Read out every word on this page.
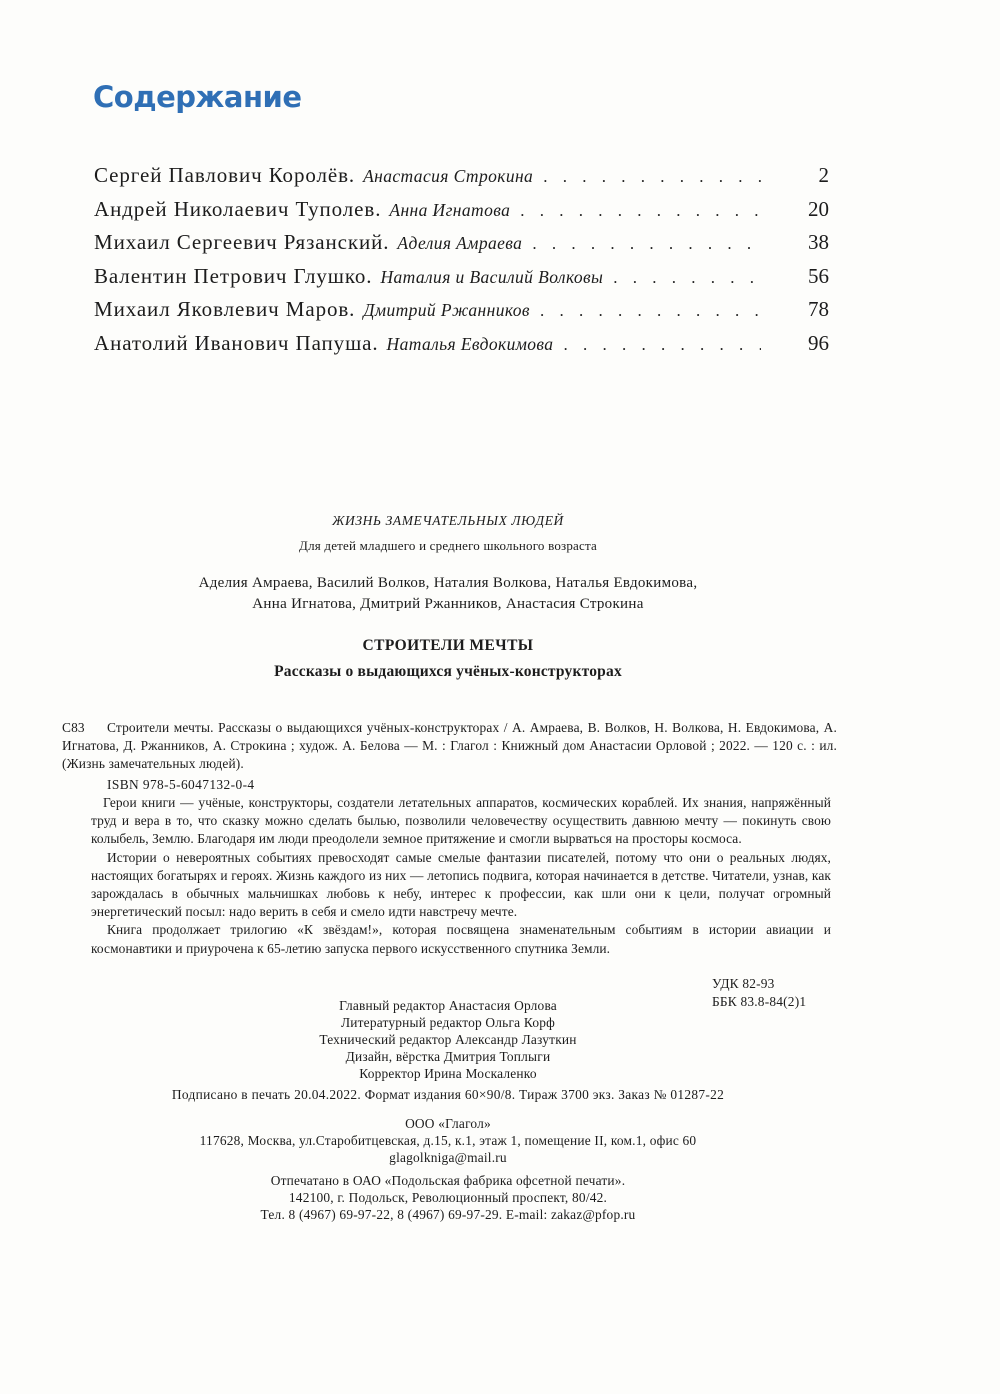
Содержание
Сергей Павлович Королёв. Анастасия Строкина . . .	2
Андрей Николаевич Туполев. Анна Игнатова . . .	20
Михаил Сергеевич Рязанский. Аделия Амраева . . .	38
Валентин Петрович Глушко. Наталия и Василий Волковы . . .	56
Михаил Яковлевич Маров. Дмитрий Ржанников . . .	78
Анатолий Иванович Папуша. Наталья Евдокимова . . .	96
ЖИЗНЬ ЗАМЕЧАТЕЛЬНЫХ ЛЮДЕЙ
Для детей младшего и среднего школьного возраста
Аделия Амраева, Василий Волков, Наталия Волкова, Наталья Евдокимова,
Анна Игнатова, Дмитрий Ржанников, Анастасия Строкина
СТРОИТЕЛИ МЕЧТЫ
Рассказы о выдающихся учёных-конструкторах
С83 Строители мечты. Рассказы о выдающихся учёных-конструкторах / А. Амраева, В. Волков, Н. Волкова, Н. Евдокимова, А. Игнатова, Д. Ржанников, А. Строкина ; худож. А. Белова — М. : Глагол : Книжный дом Анастасии Орловой ; 2022. — 120 с. : ил. (Жизнь замечательных людей).
ISBN 978-5-6047132-0-4

Герои книги — учёные, конструкторы, создатели летательных аппаратов, космических кораблей. Их знания, напряжённый труд и вера в то, что сказку можно сделать былью, позволили человечеству осуществить давнюю мечту — покинуть свою колыбель, Землю. Благодаря им люди преодолели земное притяжение и смогли вырваться на просторы космоса.

Истории о невероятных событиях превосходят самые смелые фантазии писателей, потому что они о реальных людях, настоящих богатырях и героях. Жизнь каждого из них — летопись подвига, которая начинается в детстве. Читатели, узнав, как зарождалась в обычных мальчишках любовь к небу, интерес к профессии, как шли они к цели, получат огромный энергетический посыл: надо верить в себя и смело идти навстречу мечте.

Книга продолжает трилогию «К звёздам!», которая посвящена знаменательным событиям в истории авиации и космонавтики и приурочена к 65-летию запуска первого искусственного спутника Земли.

УДК 82-93
ББК 83.8-84(2)1
Главный редактор Анастасия Орлова
Литературный редактор Ольга Корф
Технический редактор Александр Лазуткин
Дизайн, вёрстка Дмитрия Топлыги
Корректор Ирина Москаленко
Подписано в печать 20.04.2022. Формат издания 60×90/8. Тираж 3700 экз. Заказ № 01287-22
ООО «Глагол»
117628, Москва, ул.Старобитцевская, д.15, к.1, этаж 1, помещение II, ком.1, офис 60
glagolkniga@mail.ru
Отпечатано в ОАО «Подольская фабрика офсетной печати».
142100, г. Подольск, Революционный проспект, 80/42.
Тел. 8 (4967) 69-97-22, 8 (4967) 69-97-29. E-mail: zakaz@pfop.ru
